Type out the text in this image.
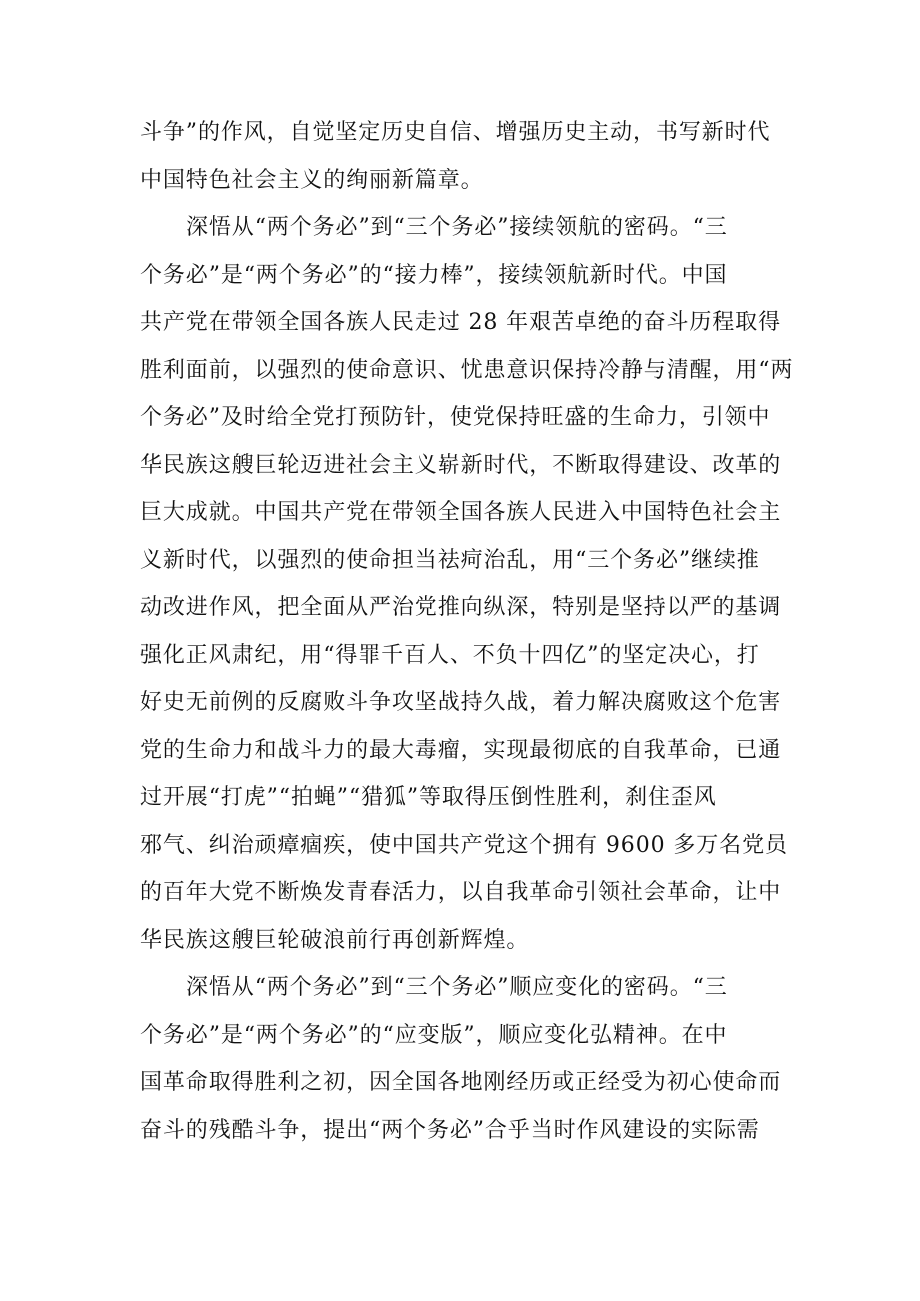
斗争”的作风，自觉坚定历史自信、增强历史主动，书写新时代
中国特色社会主义的绚丽新篇章。
深悟从“两个务必”到“三个务必”接续领航的密码。“三
个务必”是“两个务必”的“接力棒”，接续领航新时代。中国
共产党在带领全国各族人民走过 28 年艰苦卓绝的奋斗历程取得
胜利面前，以强烈的使命意识、忧患意识保持冷静与清醒，用“两
个务必”及时给全党打预防针，使党保持旺盛的生命力，引领中
华民族这艘巨轮迈进社会主义崭新时代，不断取得建设、改革的
巨大成就。中国共产党在带领全国各族人民进入中国特色社会主
义新时代，以强烈的使命担当祛疴治乱，用“三个务必”继续推
动改进作风，把全面从严治党推向纵深，特别是坚持以严的基调
强化正风肃纪，用“得罪千百人、不负十四亿”的坚定决心，打
好史无前例的反腐败斗争攻坚战持久战，着力解决腐败这个危害
党的生命力和战斗力的最大毒瘤，实现最彻底的自我革命，已通
过开展“打虎”“拍蝇”“猎狐”等取得压倒性胜利，刹住歪风
邪气、纠治顽瘴痼疾，使中国共产党这个拥有 9600 多万名党员
的百年大党不断焕发青春活力，以自我革命引领社会革命，让中
华民族这艘巨轮破浪前行再创新辉煌。
深悟从“两个务必”到“三个务必”顺应变化的密码。“三
个务必”是“两个务必”的“应变版”，顺应变化弘精神。在中
国革命取得胜利之初，因全国各地刚经历或正经受为初心使命而
奋斗的残酷斗争，提出“两个务必”合乎当时作风建设的实际需
